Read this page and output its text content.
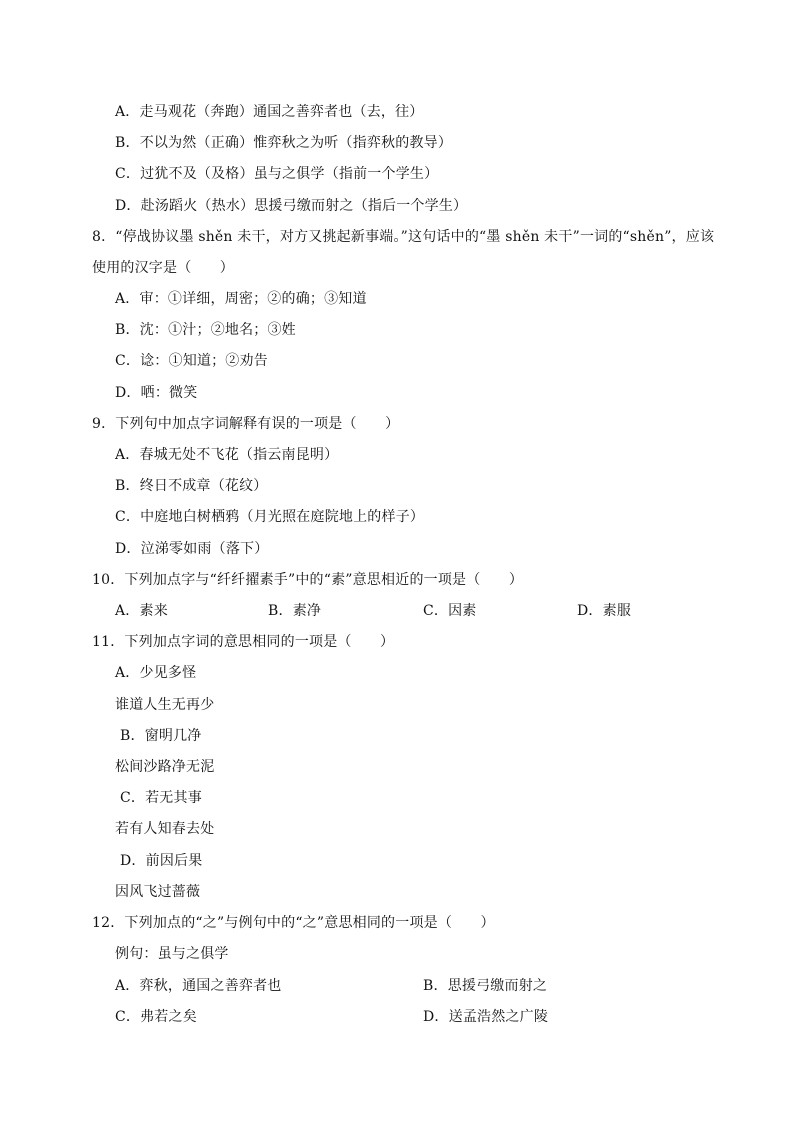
A．走马观花（奔跑）通国之善弈者也（去，往）
B．不以为然（正确）惟弈秋之为听（指弈秋的教导）
C．过犹不及（及格）虽与之俱学（指前一个学生）
D．赴汤蹈火（热水）思援弓缴而射之（指后一个学生）
8．“停战协议墨 shěn 未干，对方又挑起新事端。”这句话中的“墨 shěn 未干”一词的“shěn”，应该
使用的汉字是（　　）
A．审：①详细，周密；②的确；③知道
B．沈：①汁；②地名；③姓
C．谂：①知道；②劝告
D．哂：微笑
9．下列句中加点字词解释有误的一项是（　　）
A．春城无处不飞花（指云南昆明）
B．终日不成章（花纹）
C．中庭地白树栖鸦（月光照在庭院地上的样子）
D．泣涕零如雨（落下）
10．下列加点字与“纤纤擢素手”中的“素”意思相近的一项是（　　）
A．素来	B．素净	C．因素	D．素服
11．下列加点字词的意思相同的一项是（　　）
A．少见多怪
谁道人生无再少
B．窗明几净
松间沙路净无泥
C．若无其事
若有人知春去处
D．前因后果
因风飞过蔷薇
12．下列加点的“之”与例句中的“之”意思相同的一项是（　　）
例句：虽与之俱学
A．弈秋，通国之善弈者也	B．思援弓缴而射之
C．弗若之矣	D．送孟浩然之广陵
